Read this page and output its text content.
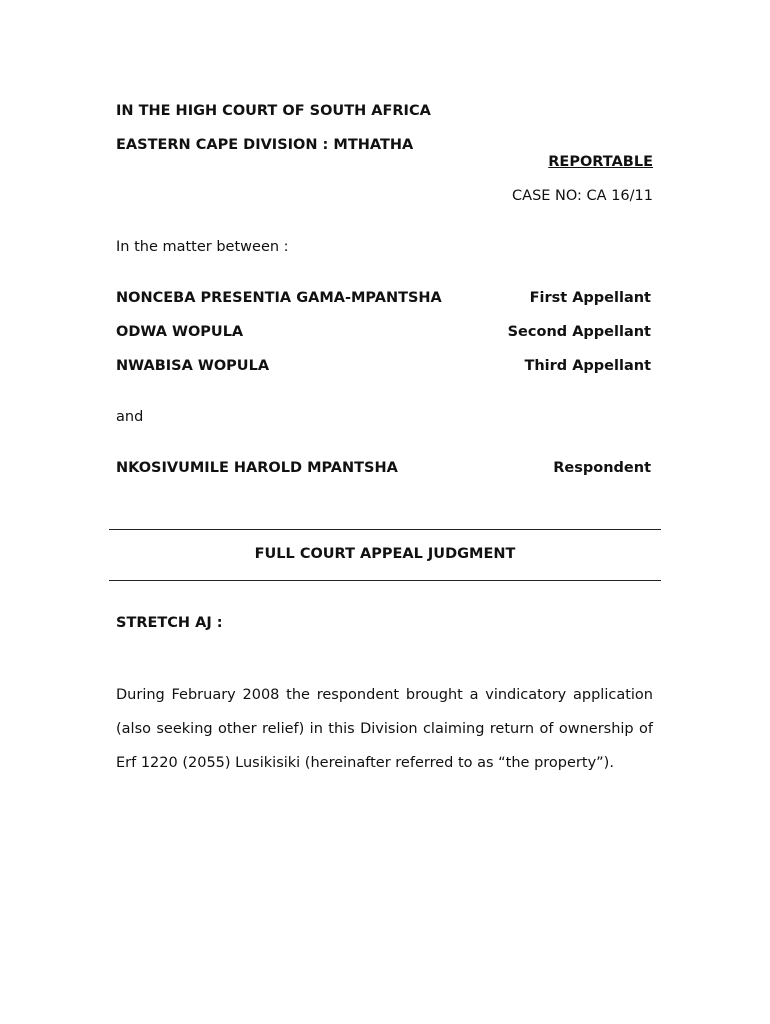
IN THE HIGH COURT OF SOUTH AFRICA
EASTERN CAPE DIVISION : MTHATHA
REPORTABLE
CASE NO: CA 16/11
In the matter between :
NONCEBA PRESENTIA GAMA-MPANTSHA	First Appellant
ODWA WOPULA	Second Appellant
NWABISA WOPULA	Third Appellant
and
NKOSIVUMILE HAROLD MPANTSHA	Respondent
FULL COURT APPEAL JUDGMENT
STRETCH AJ :

During February 2008 the respondent brought a vindicatory application (also seeking other relief) in this Division claiming return of ownership of Erf 1220 (2055) Lusikisiki (hereinafter referred to as “the property”).
